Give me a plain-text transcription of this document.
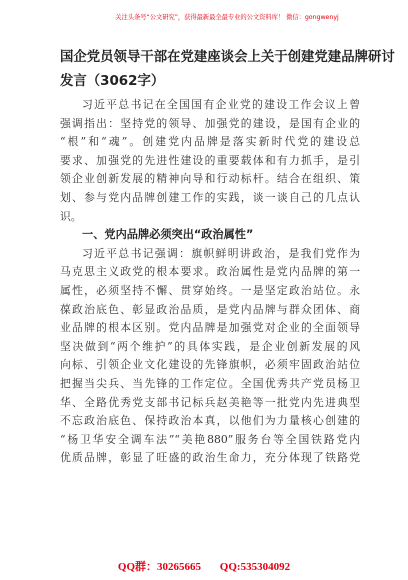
关注头条号“公文研究”，获得最新最全最专业的公文资料库！ 微信：gongwenyj
国企党员领导干部在党建座谈会上关于创建党建品牌研讨
发言（3062字）
习近平总书记在全国国有企业党的建设工作会议上曾
强调指出：坚持党的领导、加强党的建设，是国有企业的
“根”和“魂”。创建党内品牌是落实新时代党的建设总
要求、加强党的先进性建设的重要载体和有力抓手，是引
领企业创新发展的精神向导和行动标杆。结合在组织、策
划、参与党内品牌创建工作的实践，谈一谈自己的几点认
识。
一、党内品牌必须突出“政治属性”
习近平总书记强调：旗帜鲜明讲政治，是我们党作为
马克思主义政党的根本要求。政治属性是党内品牌的第一
属性，必须坚持不懈、贯穿始终。一是坚定政治站位。永
葆政治底色、彰显政治品质，是党内品牌与群众团体、商
业品牌的根本区别。党内品牌是加强党对企业的全面领导
坚决做到“两个维护”的具体实践，是企业创新发展的风
向标、引领企业文化建设的先锋旗帜，必须牢固政治站位
把握当尖兵、当先锋的工作定位。全国优秀共产党员杨卫
华、全路优秀党支部书记标兵赵美艳等一批党内先进典型
不忘政治底色、保持政治本真，以他们为力量核心创建的
“杨卫华安全调车法”“美艳880”服务台等全国铁路党内
优质品牌，彰显了旺盛的政治生命力，充分体现了铁路党
QQ群：30265665 QQ:535304092
